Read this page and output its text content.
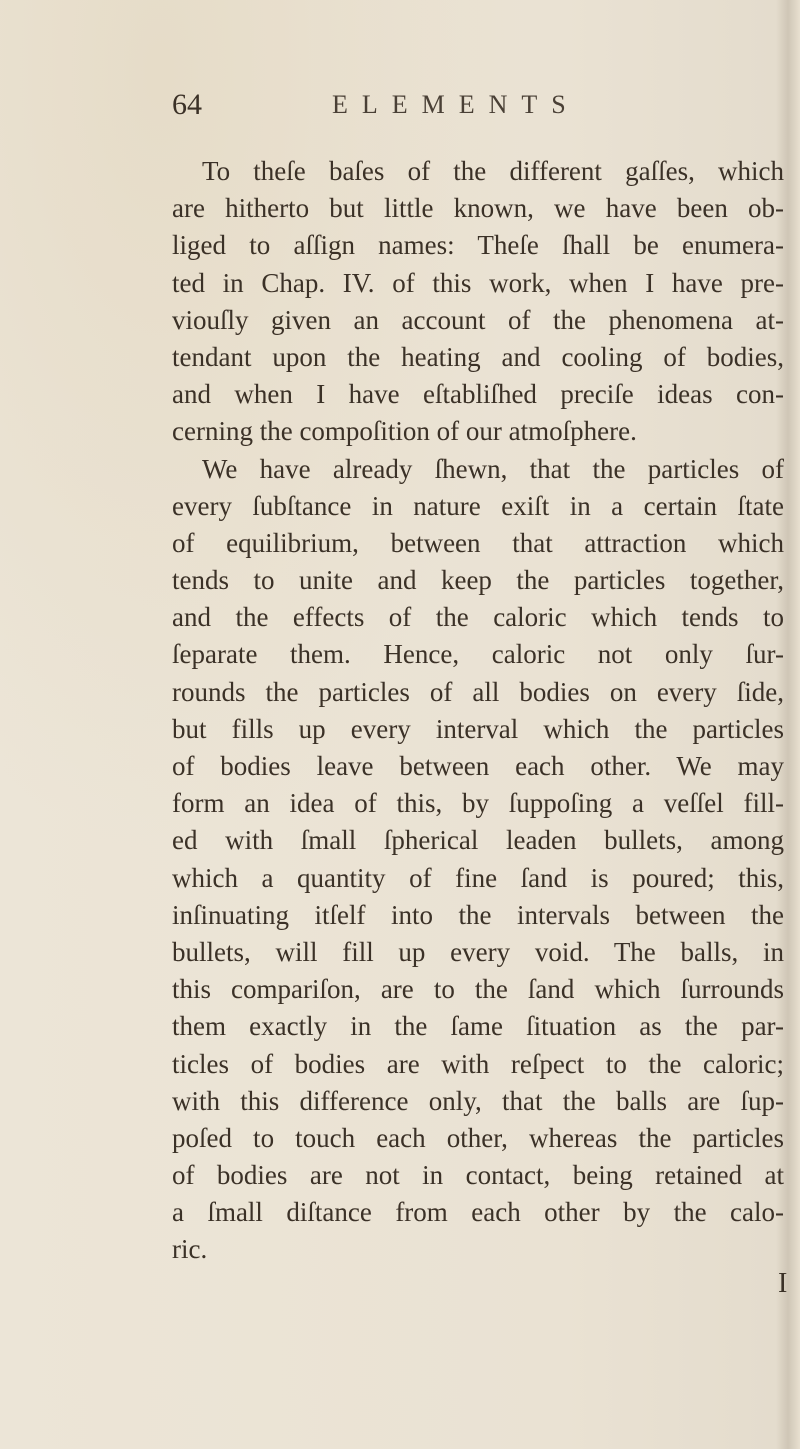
64	ELEMENTS
To theſe baſes of the different gaſſes, which
are hitherto but little known, we have been ob-
liged to aſſign names: Theſe ſhall be enumera-
ted in Chap. IV. of this work, when I have pre-
viouſly given an account of the phenomena at-
tendant upon the heating and cooling of bodies,
and when I have eſtabliſhed preciſe ideas con-
cerning the compoſition of our atmoſphere.
We have already ſhewn, that the particles of
every ſubſtance in nature exiſt in a certain ſtate
of equilibrium, between that attraction which
tends to unite and keep the particles together,
and the effects of the caloric which tends to
ſeparate them. Hence, caloric not only ſur-
rounds the particles of all bodies on every ſide,
but fills up every interval which the particles
of bodies leave between each other. We may
form an idea of this, by ſuppoſing a veſſel fill-
ed with ſmall ſpherical leaden bullets, among
which a quantity of fine ſand is poured; this,
inſinuating itſelf into the intervals between the
bullets, will fill up every void. The balls, in
this compariſon, are to the ſand which ſurrounds
them exactly in the ſame ſituation as the par-
ticles of bodies are with reſpect to the caloric;
with this difference only, that the balls are ſup-
poſed to touch each other, whereas the particles
of bodies are not in contact, being retained at
a ſmall diſtance from each other by the calo-
ric.
I
